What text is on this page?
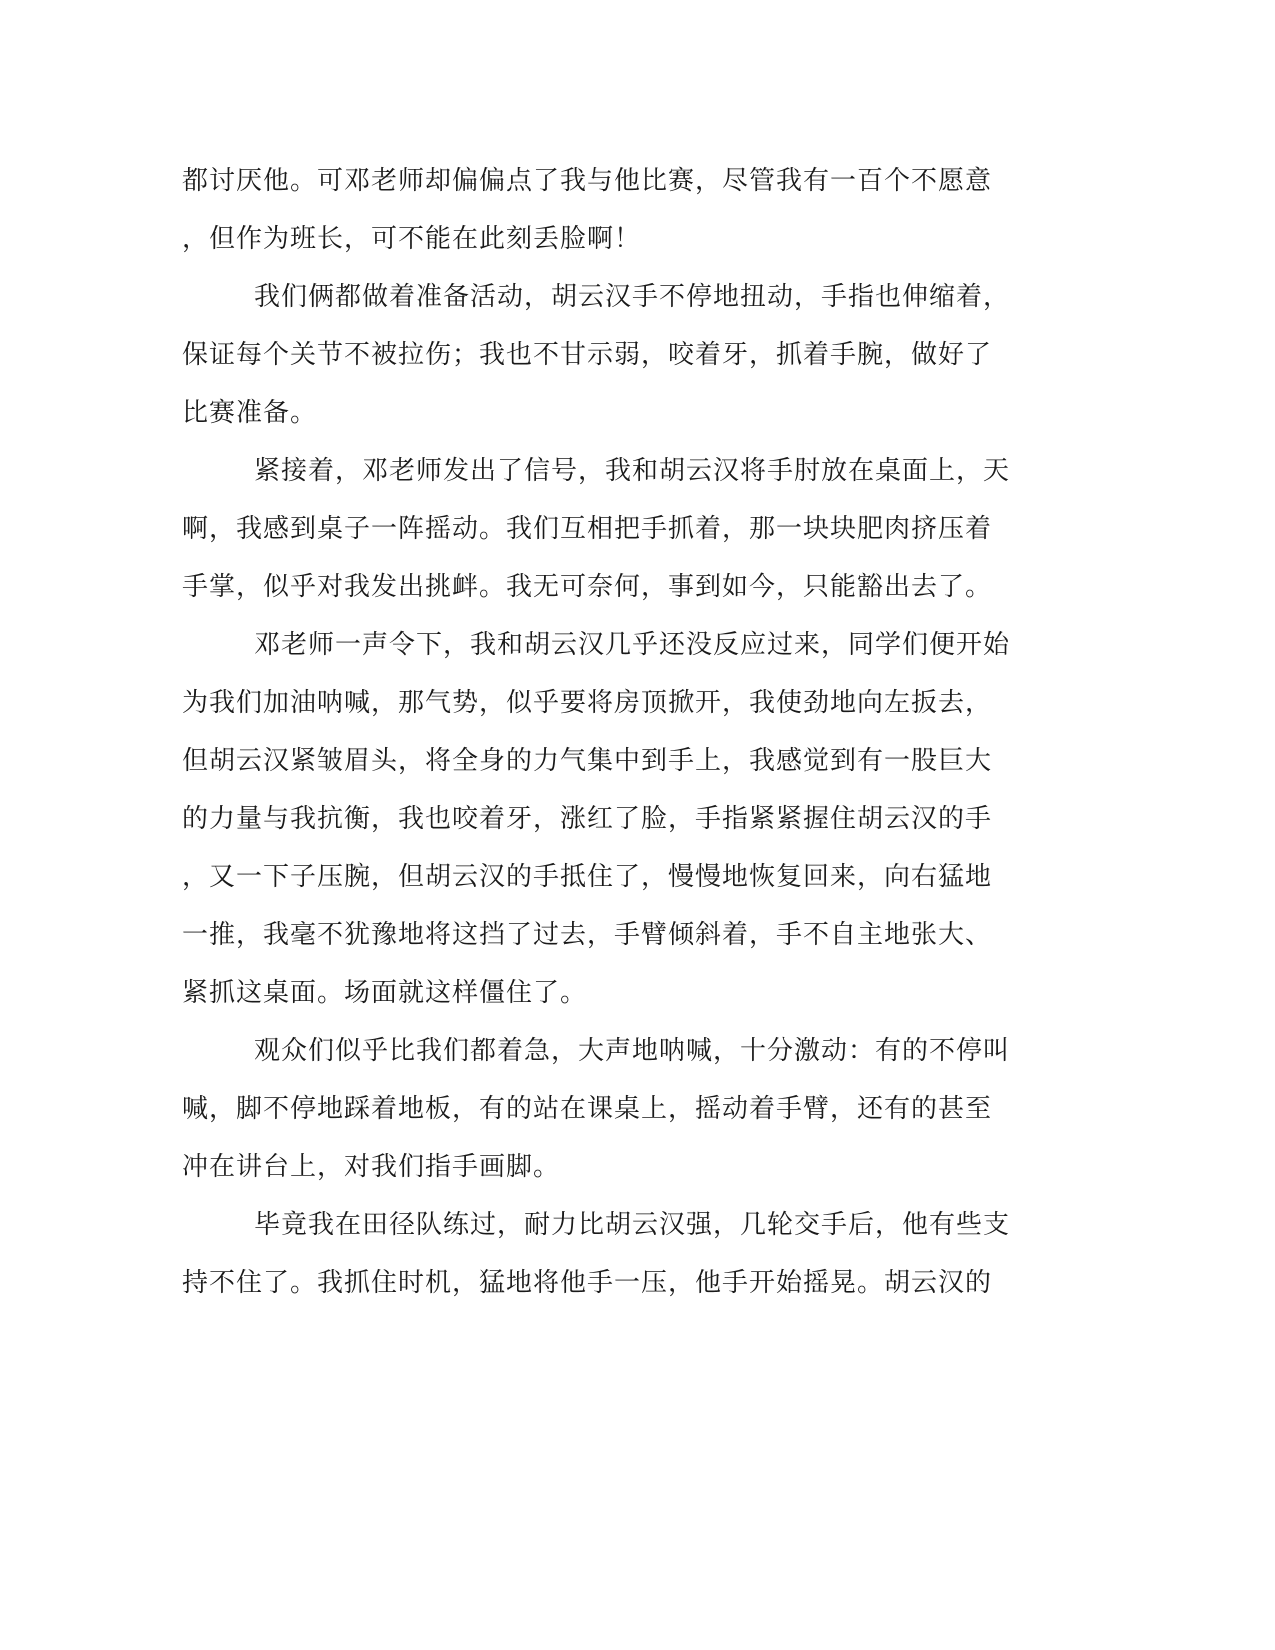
都讨厌他。可邓老师却偏偏点了我与他比赛，尽管我有一百个不愿意
，但作为班长，可不能在此刻丢脸啊！
我们俩都做着准备活动，胡云汉手不停地扭动，手指也伸缩着，
保证每个关节不被拉伤；我也不甘示弱，咬着牙，抓着手腕，做好了
比赛准备。
紧接着，邓老师发出了信号，我和胡云汉将手肘放在桌面上，天
啊，我感到桌子一阵摇动。我们互相把手抓着，那一块块肥肉挤压着
手掌，似乎对我发出挑衅。我无可奈何，事到如今，只能豁出去了。
邓老师一声令下，我和胡云汉几乎还没反应过来，同学们便开始
为我们加油呐喊，那气势，似乎要将房顶掀开，我使劲地向左扳去，
但胡云汉紧皱眉头，将全身的力气集中到手上，我感觉到有一股巨大
的力量与我抗衡，我也咬着牙，涨红了脸，手指紧紧握住胡云汉的手
，又一下子压腕，但胡云汉的手抵住了，慢慢地恢复回来，向右猛地
一推，我毫不犹豫地将这挡了过去，手臂倾斜着，手不自主地张大、
紧抓这桌面。场面就这样僵住了。
观众们似乎比我们都着急，大声地呐喊，十分激动：有的不停叫
喊，脚不停地踩着地板，有的站在课桌上，摇动着手臂，还有的甚至
冲在讲台上，对我们指手画脚。
毕竟我在田径队练过，耐力比胡云汉强，几轮交手后，他有些支
持不住了。我抓住时机，猛地将他手一压，他手开始摇晃。胡云汉的
